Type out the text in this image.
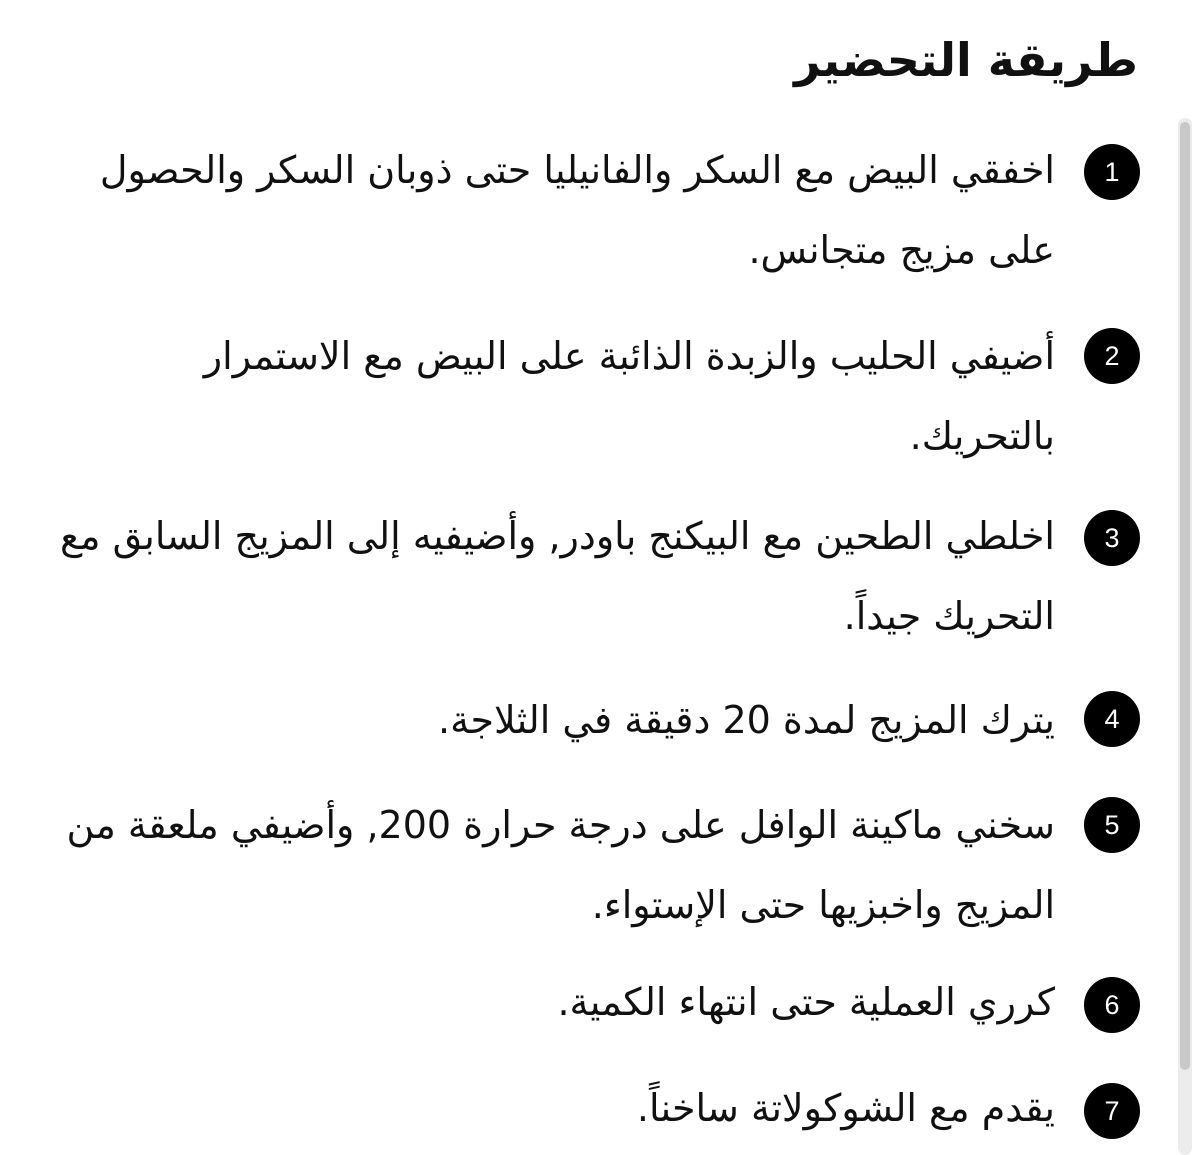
طريقة التحضير
1
اخفقي البيض مع السكر والفانيليا حتى ذوبان السكر والحصول على مزيج متجانس.
2
أضيفي الحليب والزبدة الذائبة على البيض مع الاستمرار بالتحريك.
3
اخلطي الطحين مع البيكنج باودر, وأضيفيه إلى المزيج السابق مع التحريك جيداً.
4
يترك المزيج لمدة 20 دقيقة في الثلاجة.
5
سخني ماكينة الوافل على درجة حرارة 200, وأضيفي ملعقة من المزيج واخبزيها حتى الإستواء.
6
كرري العملية حتى انتهاء الكمية.
7
يقدم مع الشوكولاتة ساخناً.
